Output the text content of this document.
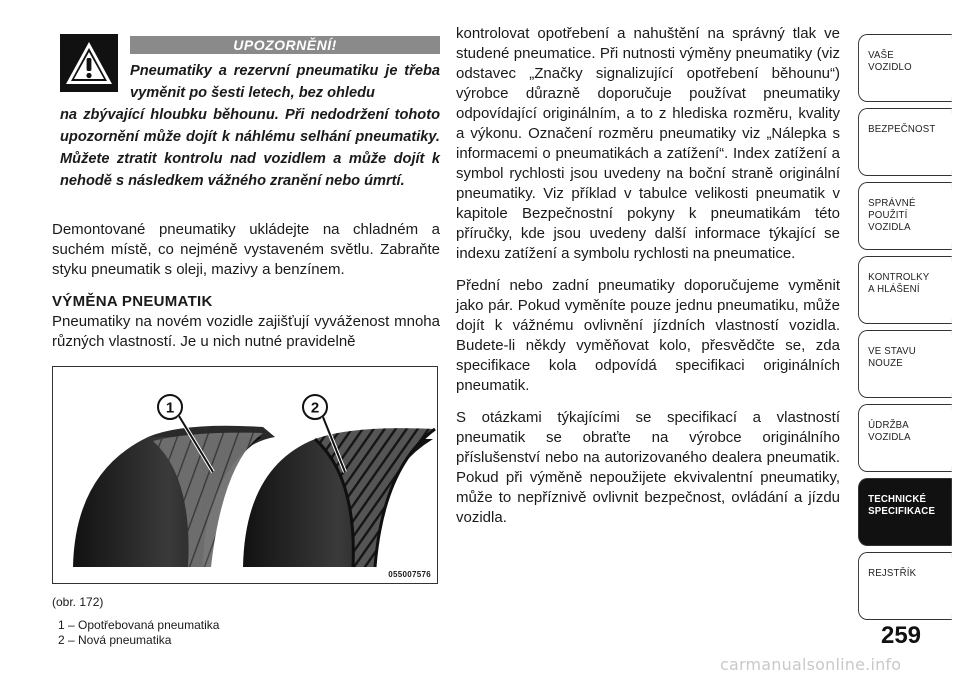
UPOZORNĚNÍ!
Pneumatiky a rezervní pneumatiku je třeba vyměnit po šesti letech, bez ohledu
na zbývající hloubku běhounu. Při nedodržení tohoto upozornění může dojít k náhlému selhání pneumatiky. Můžete ztratit kontrolu nad vozidlem a může dojít k nehodě s následkem vážného zranění nebo úmrtí.

Demontované pneumatiky ukládejte na chladném a suchém místě, co nejméně vystaveném světlu. Zabraňte styku pneumatik s oleji, mazivy a benzínem.

VÝMĚNA PNEUMATIK

Pneumatiky na novém vozidle zajišťují vyváženost mnoha různých vlastností. Je u nich nutné pravidelně

1	2
055007576
(obr. 172)
1 – Opotřebovaná pneumatika
2 – Nová pneumatika

kontrolovat opotřebení a nahuštění na správný tlak ve studené pneumatice. Při nutnosti výměny pneumatiky (viz odstavec „Značky signalizující opotřebení běhounu“) výrobce důrazně doporučuje používat pneumatiky odpovídající originálním, a to z hlediska rozměru, kvality a výkonu. Označení rozměru pneumatiky viz „Nálepka s informacemi o pneumatikách a zatížení“. Index zatížení a symbol rychlosti jsou uvedeny na boční straně originální pneumatiky. Viz příklad v tabulce velikosti pneumatik v kapitole Bezpečnostní pokyny k pneumatikám této příručky, kde jsou uvedeny další informace týkající se indexu zatížení a symbolu rychlosti na pneumatice.

Přední nebo zadní pneumatiky doporučujeme vyměnit jako pár. Pokud vyměníte pouze jednu pneumatiku, může dojít k vážnému ovlivnění jízdních vlastností vozidla. Budete-li někdy vyměňovat kolo, přesvědčte se, zda specifikace kola odpovídá specifikaci originálních pneumatik.

S otázkami týkajícími se specifikací a vlastností pneumatik se obraťte na výrobce originálního příslušenství nebo na autorizovaného dealera pneumatik. Pokud při výměně nepoužijete ekvivalentní pneumatiky, může to nepříznivě ovlivnit bezpečnost, ovládání a jízdu vozidla.

VAŠE
VOZIDLO
BEZPEČNOST
SPRÁVNÉ
POUŽITÍ
VOZIDLA
KONTROLKY
A HLÁŠENÍ
VE STAVU
NOUZE
ÚDRŽBA
VOZIDLA
TECHNICKÉ
SPECIFIKACE
REJSTŘÍK
259
carmanualsonline.info
